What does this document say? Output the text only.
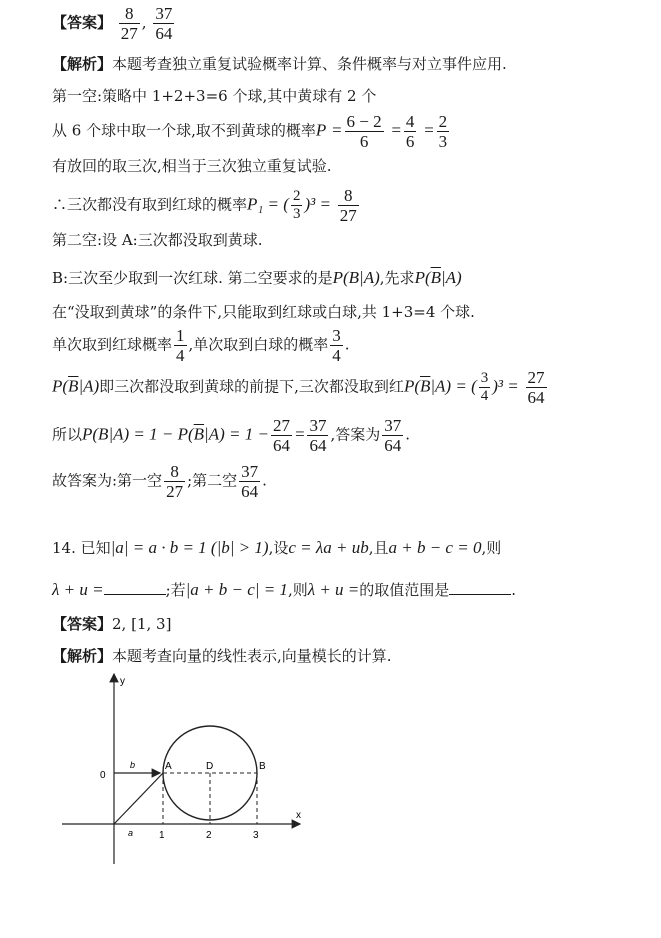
【答案】 $\frac{8}{27}$ , $\frac{37}{64}$
【解析】本题考查独立重复试验概率计算、条件概率与对立事件应用.
第一空:策略中 1+2+3=6 个球,其中黄球有 2 个
从 6 个球中取一个球,取不到黄球的概率$P = \frac{6 - 2}{6} = \frac{4}{6} = \frac{2}{3}$
有放回的取三次,相当于三次独立重复试验.
∴三次都没有取到红球的概率P₁ = ( $\frac{2}{3} )^3 = \frac{8}{27}$
第二空:设 A:三次都没取到黄球.
B:三次至少取到一次红球. 第二空要求的是P(B|A),先求$P(\overline{B}|A)$
在“没取到黄球”的条件下,只能取到红球或白球,共 1+3=4 个球.
单次取到红球概率 $\frac{1}{4}$ ,单次取到白球的概率 $\frac{3}{4}$ .
$P(\overline{B}|A)$即三次都没取到黄球的前提下,三次都没取到红$P(\overline{B}|A)$ = ( $\frac{3}{4} )^3 = \frac{27}{64}$
所以$P(B|A) = 1 - P(\overline{B}|A) = 1 - \frac{27}{64} = \frac{37}{64}$ ,答案为 $\frac{37}{64}$ .
故答案为:第一空 $\frac{8}{27}$ ;第二空 $\frac{37}{64}$ .
14. 已知|a| = a · b = 1 (|b| > 1),设c = λa + ub,且a + b − c = 0,则
λ + u =	;若|a + b − c| = 1,则λ + u =的取值范围是	.
【答案】2, [1, 3]
【解析】本题考查向量的线性表示,向量模长的计算.
y
x
0
1	2	3
A	D	B
b
a
